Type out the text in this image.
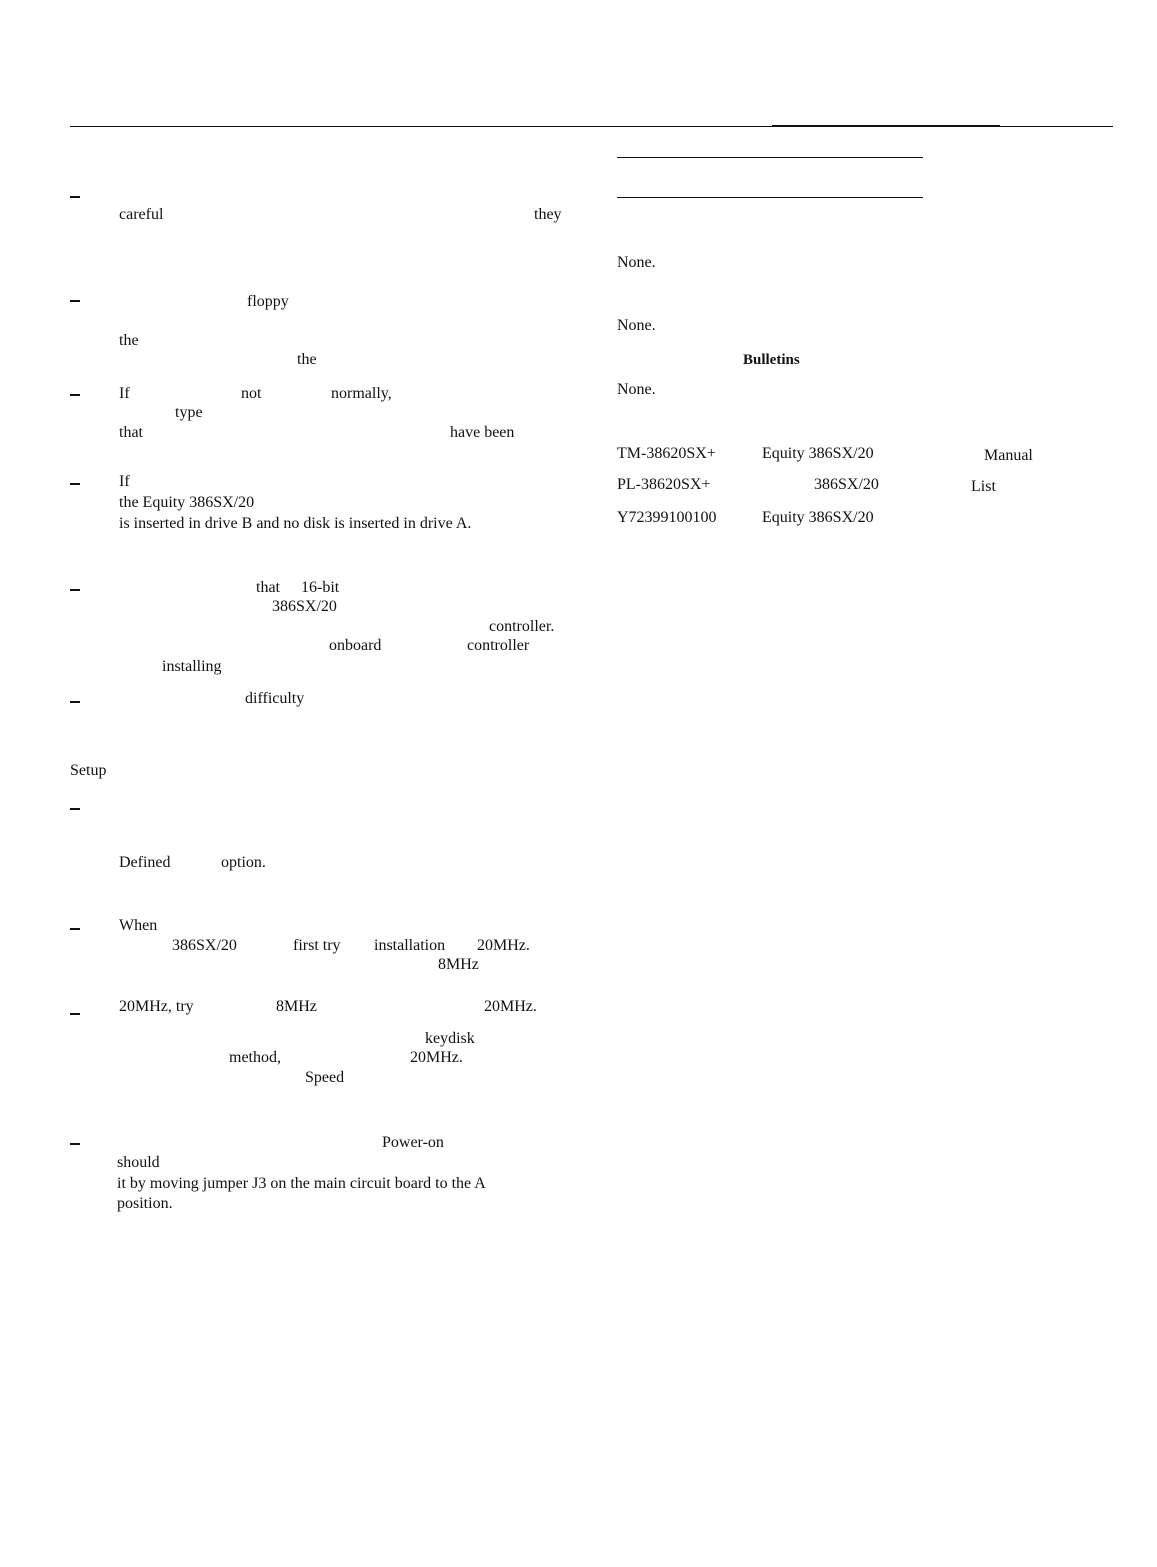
careful	they
floppy
the
the
If	not	normally,
type
that	have been
If
the Equity 386SX/20
is inserted in drive B and no disk is inserted in drive A.
that 16-bit
386SX/20
controller.
onboard	controller
installing
difficulty
Setup
Defined	option.
When
386SX/20	first try installation 20MHz.
8MHz
20MHz, try	8MHz	20MHz.
keydisk
method,	20MHz.
Speed
Power-on
should
it by moving jumper J3 on the main circuit board to the A
position.
None.
None.
Bulletins
None.
TM-38620SX+	Equity 386SX/20	Manual
PL-38620SX+	386SX/20	List
Y72399100100	Equity 386SX/20
